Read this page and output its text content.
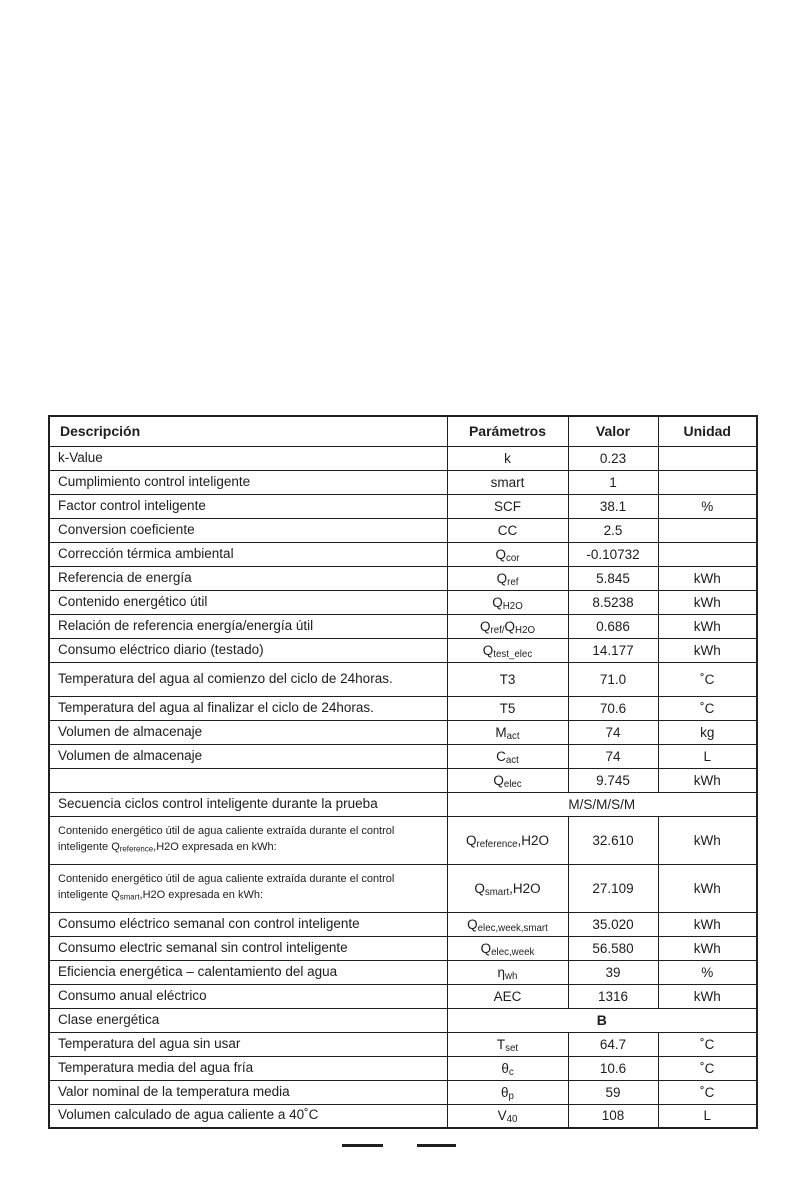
Descripción	Parámetros	Valor	Unidad
k-Value	k	0.23	
Cumplimiento control inteligente	smart	1	
Factor control inteligente	SCF	38.1	%
Conversion coeficiente	CC	2.5	
Corrección térmica ambiental	$Q_{cor}$	-0.10732	
Referencia de energía	$Q_{ref}$	5.845	kWh
Contenido energético útil	$Q_{H2O}$	8.5238	kWh
Relación de referencia energía/energía útil	$Q_{ref/}Q_{H2O}$	0.686	kWh
Consumo eléctrico diario (testado)	$Q_{test\_elec}$	14.177	kWh
Temperatura del agua al comienzo del ciclo de 24horas.	T3	71.0	˚C
Temperatura del agua al finalizar el ciclo de 24horas.	T5	70.6	˚C
Volumen de almacenaje	$M_{act}$	74	kg
Volumen de almacenaje	$C_{act}$	74	L
	$Q_{elec}$	9.745	kWh
Secuencia ciclos control inteligente durante la prueba	M/S/M/S/M		
Contenido energético útil de agua caliente extraída durante el control inteligente $Q_{reference},H2O$ expresada en kWh:	$Q_{reference},H2O$	32.610	kWh
Contenido energético útil de agua caliente extraída durante el control inteligente $Q_{smart},H2O$ expresada en kWh:	$Q_{smart},H2O$	27.109	kWh
Consumo eléctrico semanal con control inteligente	$Q_{elec,week,smart}$	35.020	kWh
Consumo electric semanal sin control inteligente	$Q_{elec,week}$	56.580	kWh
Eficiencia energética – calentamiento del agua	$\eta_{wh}$	39	%
Consumo anual eléctrico	AEC	1316	kWh
Clase energética	B		
Temperatura del agua sin usar	$T_{set}$	64.7	˚C
Temperatura media del agua fría	$\theta_c$	10.6	˚C
Valor nominal de la temperatura media	$\theta_p$	59	˚C
Volumen calculado de agua caliente a 40˚C	$V_{40}$	108	L
